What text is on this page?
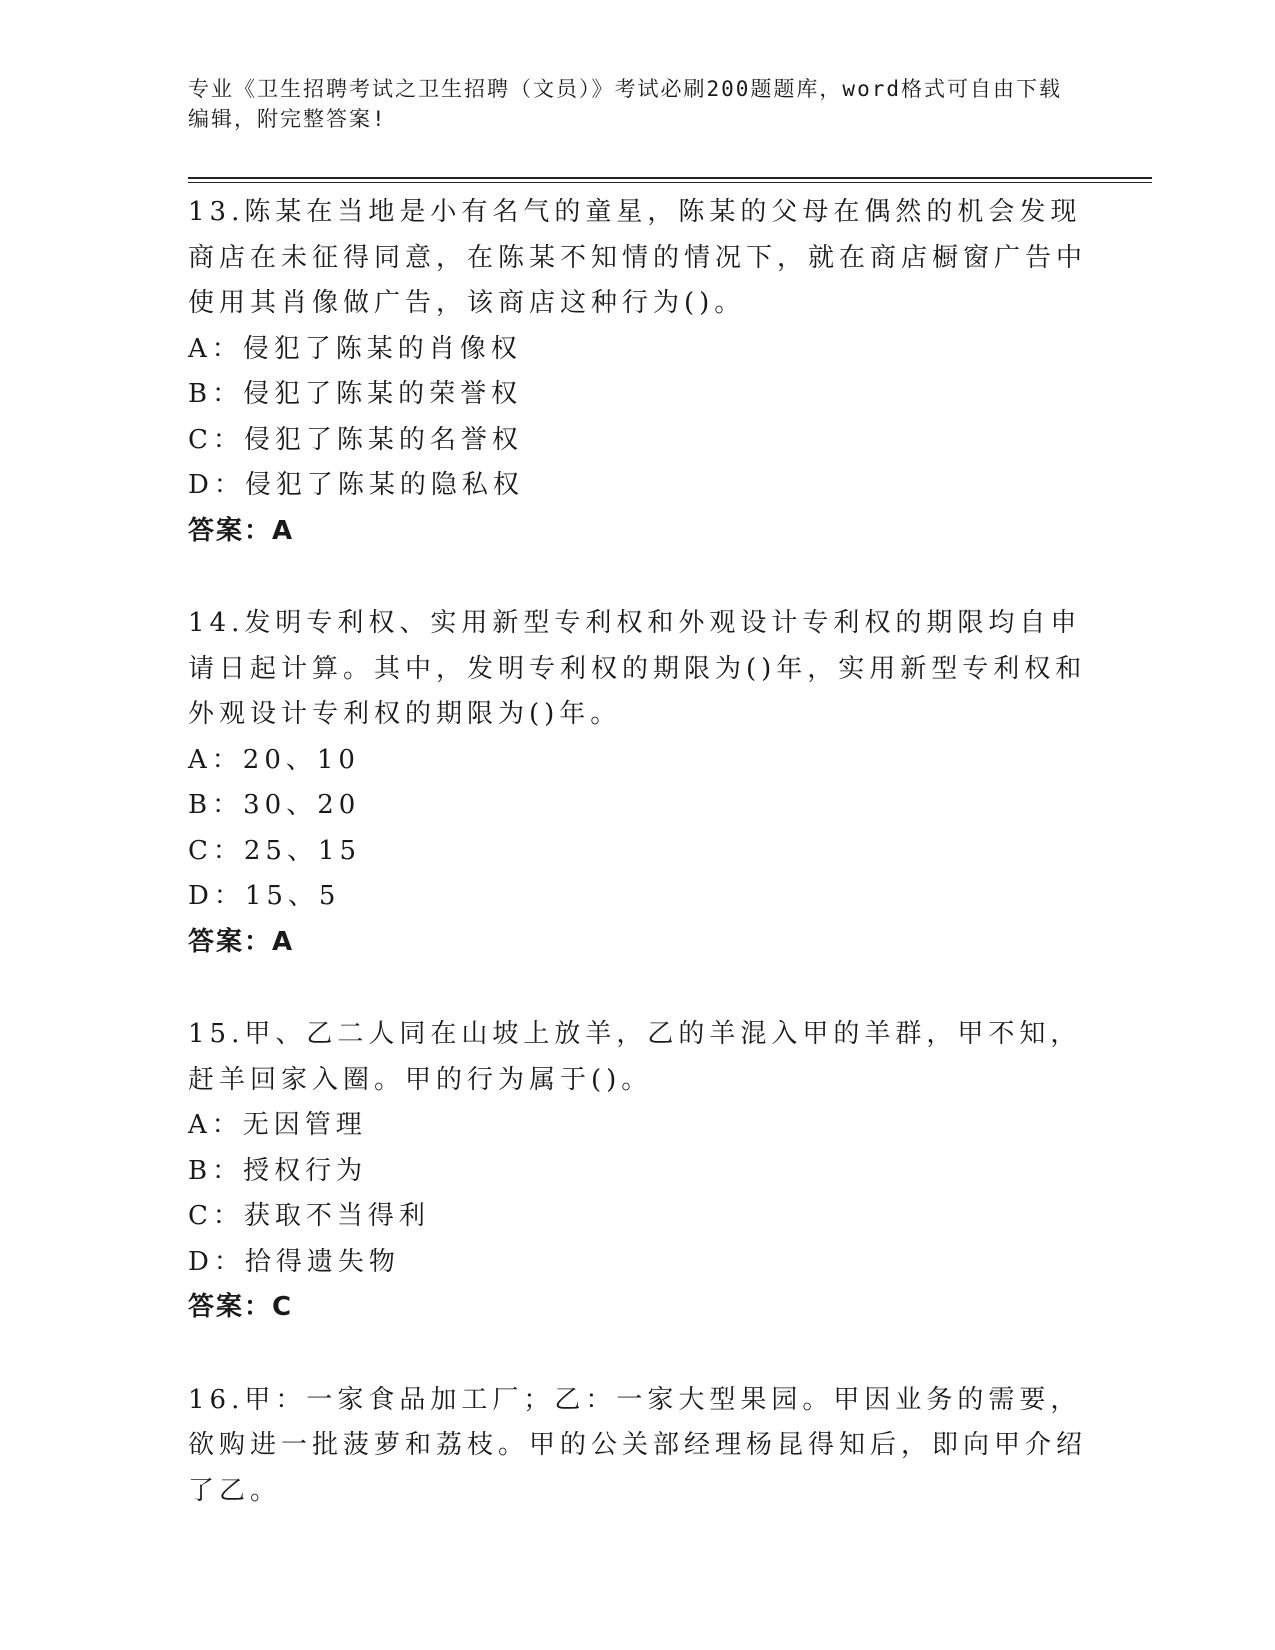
专业《卫生招聘考试之卫生招聘（文员）》考试必刷200题题库，word格式可自由下载编辑，附完整答案!

13.陈某在当地是小有名气的童星，陈某的父母在偶然的机会发现商店在未征得同意，在陈某不知情的情况下，就在商店橱窗广告中使用其肖像做广告，该商店这种行为()。

A：侵犯了陈某的肖像权

B：侵犯了陈某的荣誉权

C：侵犯了陈某的名誉权

D：侵犯了陈某的隐私权

答案：A

14.发明专利权、实用新型专利权和外观设计专利权的期限均自申请日起计算。其中，发明专利权的期限为()年，实用新型专利权和外观设计专利权的期限为()年。

A：20、10

B：30、20

C：25、15

D：15、5

答案：A

15.甲、乙二人同在山坡上放羊，乙的羊混入甲的羊群，甲不知，赶羊回家入圈。甲的行为属于()。

A：无因管理

B：授权行为

C：获取不当得利

D：拾得遗失物

答案：C

16.甲：一家食品加工厂；乙：一家大型果园。甲因业务的需要，欲购进一批菠萝和荔枝。甲的公关部经理杨昆得知后，即向甲介绍了乙。
